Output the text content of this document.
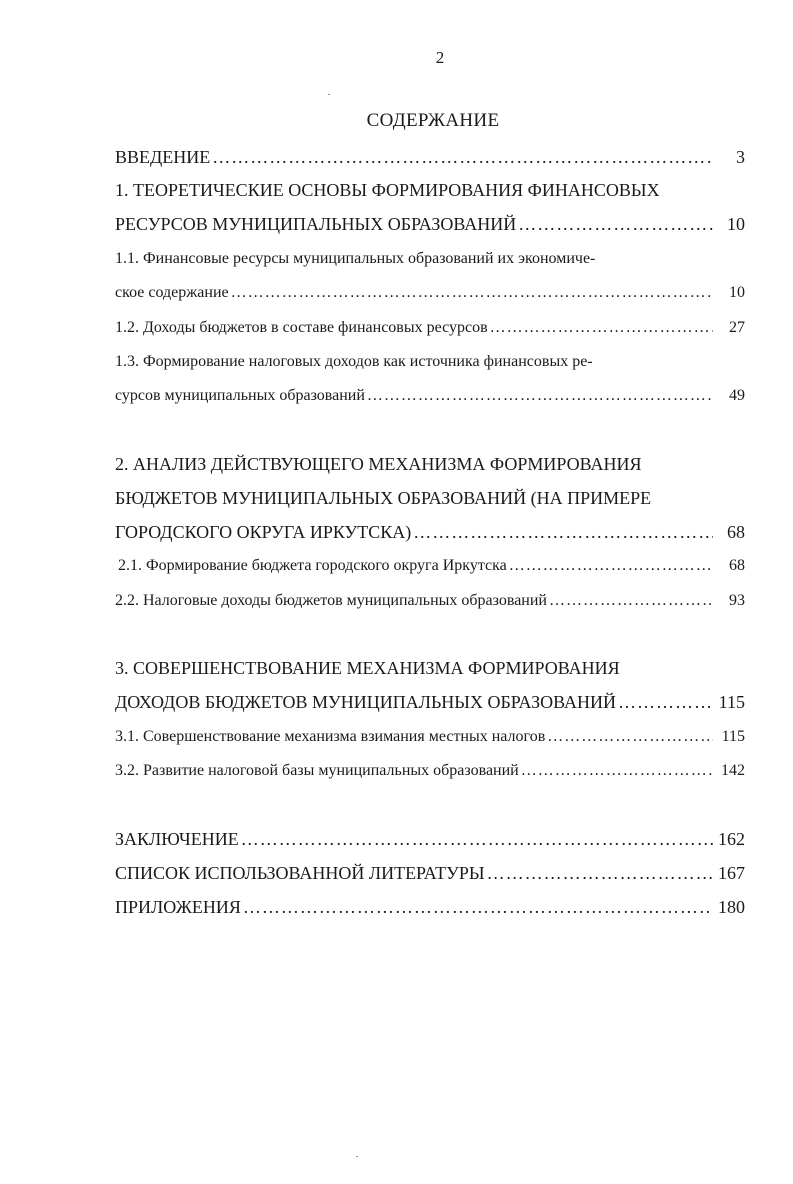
2
СОДЕРЖАНИЕ
ВВЕДЕНИЕ ………………………………………………………………………………………………………………………………………………………………………………	3
1. ТЕОРЕТИЧЕСКИЕ ОСНОВЫ ФОРМИРОВАНИЯ ФИНАНСОВЫХ
РЕСУРСОВ МУНИЦИПАЛЬНЫХ ОБРАЗОВАНИЙ ………………………………………………………………………………………………………………………………………………………………………………	10
1.1. Финансовые ресурсы муниципальных образований их экономиче-
ское содержание ………………………………………………………………………………………………………………………………………………………………………………	10
1.2. Доходы бюджетов в составе финансовых ресурсов ………………………………………………………………………………………………………………………………………………………………………………	27
1.3. Формирование налоговых доходов как источника финансовых ре-
сурсов муниципальных образований ………………………………………………………………………………………………………………………………………………………………………………	49
2. АНАЛИЗ ДЕЙСТВУЮЩЕГО МЕХАНИЗМА ФОРМИРОВАНИЯ
БЮДЖЕТОВ МУНИЦИПАЛЬНЫХ ОБРАЗОВАНИЙ (НА ПРИМЕРЕ
ГОРОДСКОГО ОКРУГА ИРКУТСКА) ………………………………………………………………………………………………………………………………………………………………………………	68
2.1. Формирование бюджета городского округа Иркутска ………………………………………………………………………………………………………………………………………………………………………………	68
2.2. Налоговые доходы бюджетов муниципальных образований ………………………………………………………………………………………………………………………………………………………………………………	93
3. СОВЕРШЕНСТВОВАНИЕ МЕХАНИЗМА ФОРМИРОВАНИЯ
ДОХОДОВ БЮДЖЕТОВ МУНИЦИПАЛЬНЫХ ОБРАЗОВАНИЙ ………………………………………………………………………………………………………………………………………………………………………………	115
3.1. Совершенствование механизма взимания местных налогов ………………………………………………………………………………………………………………………………………………………………………………	115
3.2. Развитие налоговой базы муниципальных образований ………………………………………………………………………………………………………………………………………………………………………………	142
ЗАКЛЮЧЕНИЕ ………………………………………………………………………………………………………………………………………………………………………………	162
СПИСОК ИСПОЛЬЗОВАННОЙ ЛИТЕРАТУРЫ ………………………………………………………………………………………………………………………………………………………………………………	167
ПРИЛОЖЕНИЯ ………………………………………………………………………………………………………………………………………………………………………………	180
